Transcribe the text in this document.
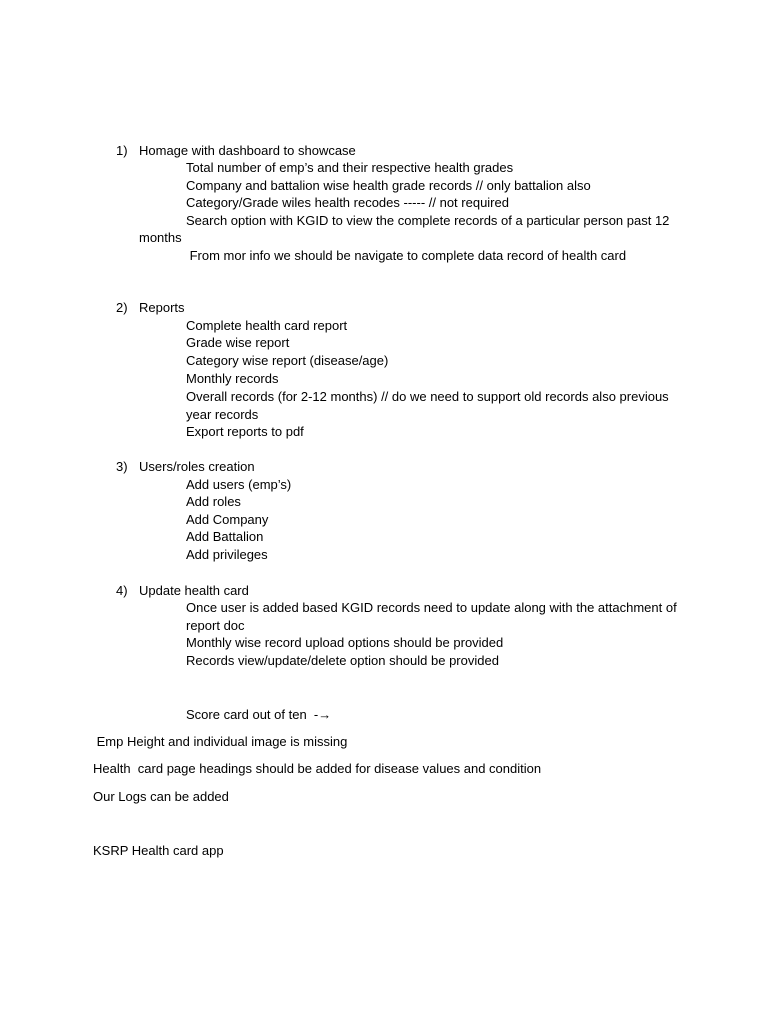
1) Homage with dashboard to showcase
Total number of emp’s and their respective health grades
Company and battalion wise health grade records // only battalion also
Category/Grade wiles health recodes ----- // not required
Search option with KGID to view the complete records of a particular person past 12
months
From mor info we should be navigate to complete data record of health card
2) Reports
Complete health card report
Grade wise report
Category wise report (disease/age)
Monthly records
Overall records (for 2-12 months) // do we need to support old records also previous
year records
Export reports to pdf
3) Users/roles creation
Add users (emp’s)
Add roles
Add Company
Add Battalion
Add privileges
4) Update health card
Once user is added based KGID records need to update along with the attachment of
report doc
Monthly wise record upload options should be provided
Records view/update/delete option should be provided
Score card out of ten  -→
Emp Height and individual image is missing
Health  card page headings should be added for disease values and condition
Our Logs can be added
KSRP Health card app
